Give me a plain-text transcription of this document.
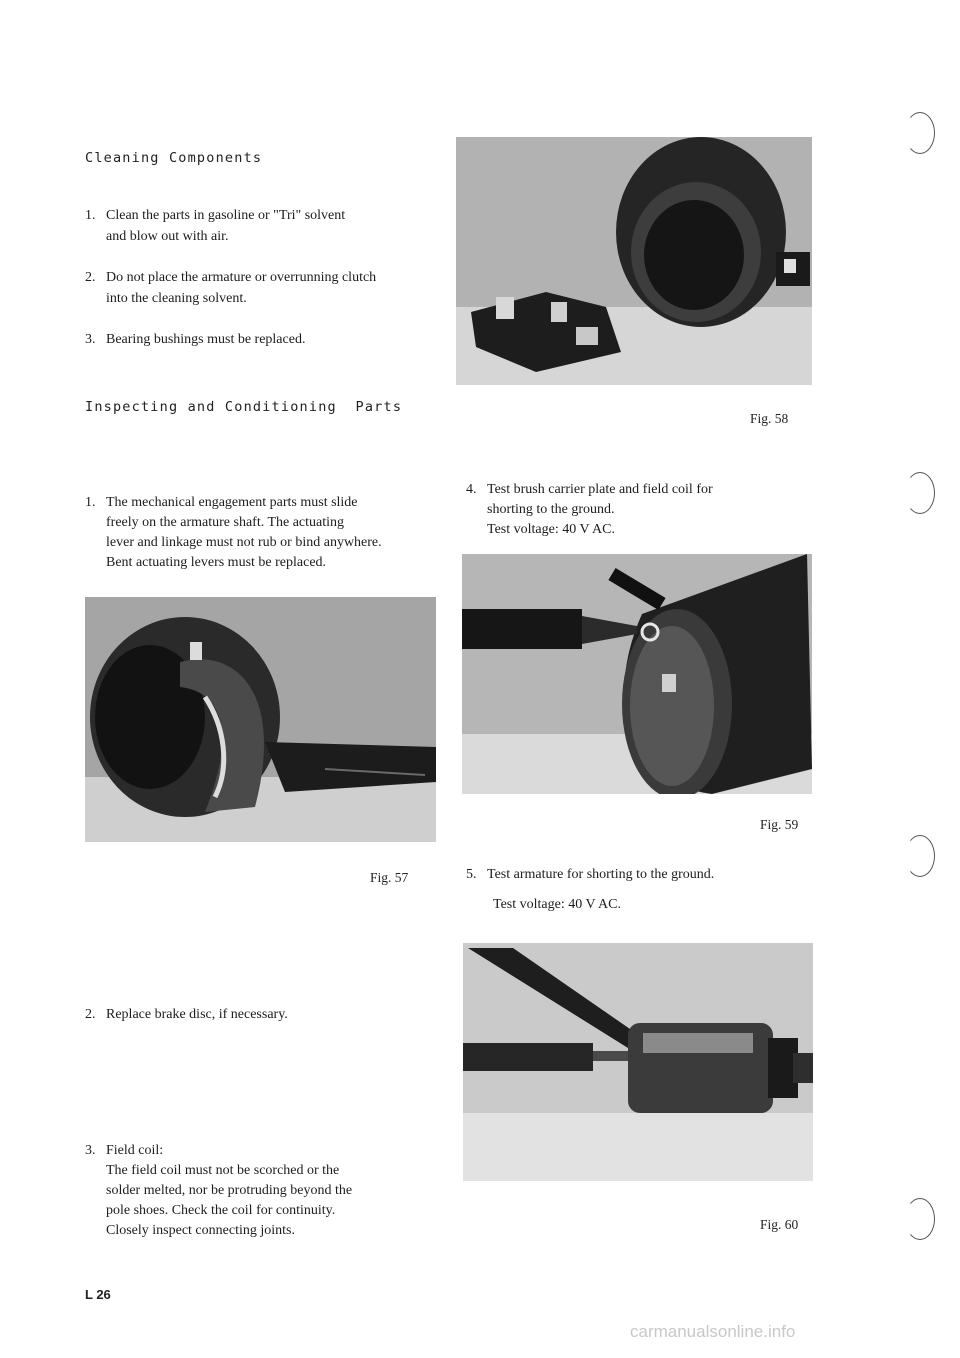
Cleaning Components
1. Clean the parts in gasoline or "Tri" solvent
and blow out with air.
2. Do not place the armature or overrunning clutch
into the cleaning solvent.
3. Bearing bushings must be replaced.
Inspecting and Conditioning  Parts
1. The mechanical engagement parts must slide
freely on the armature shaft. The actuating
lever and linkage must not rub or bind anywhere.
Bent actuating levers must be replaced.
Fig. 57
2. Replace brake disc, if necessary.
3. Field coil:
The field coil must not be scorched or the
solder melted, nor be protruding beyond the
pole shoes. Check the coil for continuity.
Closely inspect connecting joints.
L 26
Fig. 58
4. Test brush carrier plate and field coil for
shorting to the ground.
Test voltage: 40 V AC.
Fig. 59
5. Test armature for shorting to the ground.
Test voltage: 40 V AC.
Fig. 60
carmanualsonline.info
